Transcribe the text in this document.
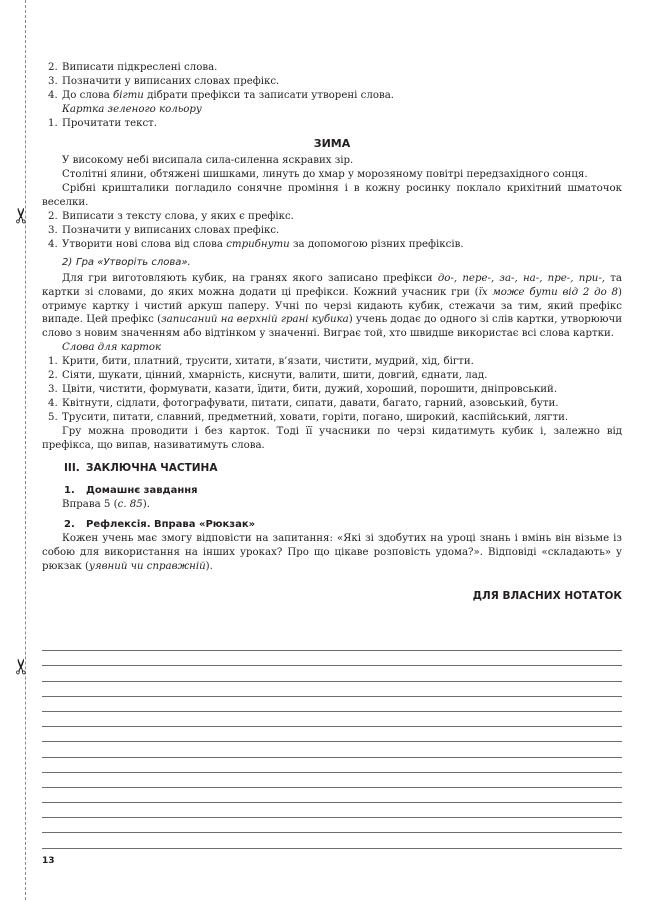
✂
✂

2. Виписати підкреслені слова.

3. Позначити у виписаних словах префікс.

4. До слова бігти дібрати префікси та записати утворені слова.

Картка зеленого кольору

1. Прочитати текст.

ЗИМА

У високому небі висипала сила-силенна яскравих зір.

Столітні ялини, обтяжені шишками, линуть до хмар у морозяному повітрі передзахідного сонця.

Срібні кришталики погладило сонячне проміння і в кожну росинку поклало крихітний шматочок веселки.

2. Виписати з тексту слова, у яких є префікс.

3. Позначити у виписаних словах префікс.

4. Утворити нові слова від слова стрибнути за допомогою різних префіксів.

2) Гра «Утворіть слова».

Для гри виготовляють кубик, на гранях якого записано префікси до-, пере-, за-, на-, пре-, при-, та картки зі словами, до яких можна додати ці префікси. Кожний учасник гри (їх може бути від 2 до 8) отримує картку і чистий аркуш паперу. Учні по черзі кидають кубик, стежачи за тим, який префікс випаде. Цей префікс (записаний на верхній грані кубика) учень додає до одного зі слів картки, утворюючи слово з новим значенням або відтінком у значенні. Виграє той, хто швидше використає всі слова картки.

Слова для карток

1. Крити, бити, платний, трусити, хитати, в’язати, чистити, мудрий, хід, бігти.

2. Сіяти, шукати, цінний, хмарність, киснути, валити, шити, довгий, єднати, лад.

3. Цвіти, чистити, формувати, казати, їдити, бити, дужий, хороший, порошити, дніпровський.

4. Квітнути, сідлати, фотографувати, питати, сипати, давати, багато, гарний, азовський, бути.

5. Трусити, питати, славний, предметний, ховати, горіти, погано, широкий, каспійський, лягти.

Гру можна проводити і без карток. Тоді її учасники по черзі кидатимуть кубик і, залежно від префікса, що випав, називатимуть слова.

III. ЗАКЛЮЧНА ЧАСТИНА
1. Домашнє завдання

Вправа 5 (с. 85).

2. Рефлексія. Вправа «Рюкзак»

Кожен учень має змогу відповісти на запитання: «Які зі здобутих на уроці знань і вмінь він візьме із собою для використання на інших уроках? Про що цікаве розповість удома?». Відповіді «складають» у рюкзак (уявний чи справжній).

ДЛЯ ВЛАСНИХ НОТАТОК
13
